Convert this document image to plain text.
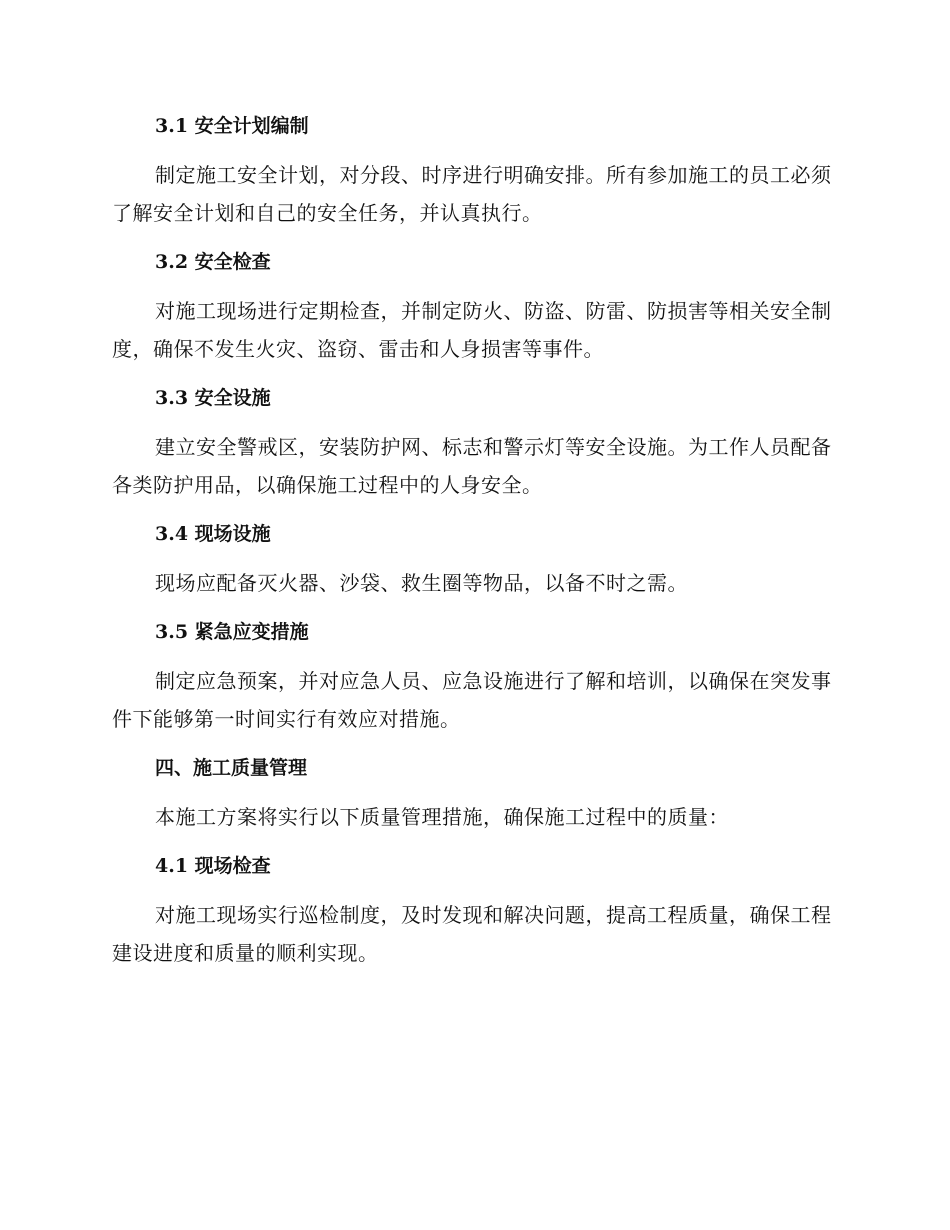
3.1 安全计划编制

制定施工安全计划，对分段、时序进行明确安排。所有参加施工的员工必须了解安全计划和自己的安全任务，并认真执行。

3.2 安全检查

对施工现场进行定期检查，并制定防火、防盗、防雷、防损害等相关安全制度，确保不发生火灾、盗窃、雷击和人身损害等事件。

3.3 安全设施

建立安全警戒区，安装防护网、标志和警示灯等安全设施。为工作人员配备各类防护用品，以确保施工过程中的人身安全。

3.4 现场设施

现场应配备灭火器、沙袋、救生圈等物品，以备不时之需。

3.5 紧急应变措施

制定应急预案，并对应急人员、应急设施进行了解和培训，以确保在突发事件下能够第一时间实行有效应对措施。

四、施工质量管理

本施工方案将实行以下质量管理措施，确保施工过程中的质量：

4.1 现场检查

对施工现场实行巡检制度，及时发现和解决问题，提高工程质量，确保工程建设进度和质量的顺利实现。
